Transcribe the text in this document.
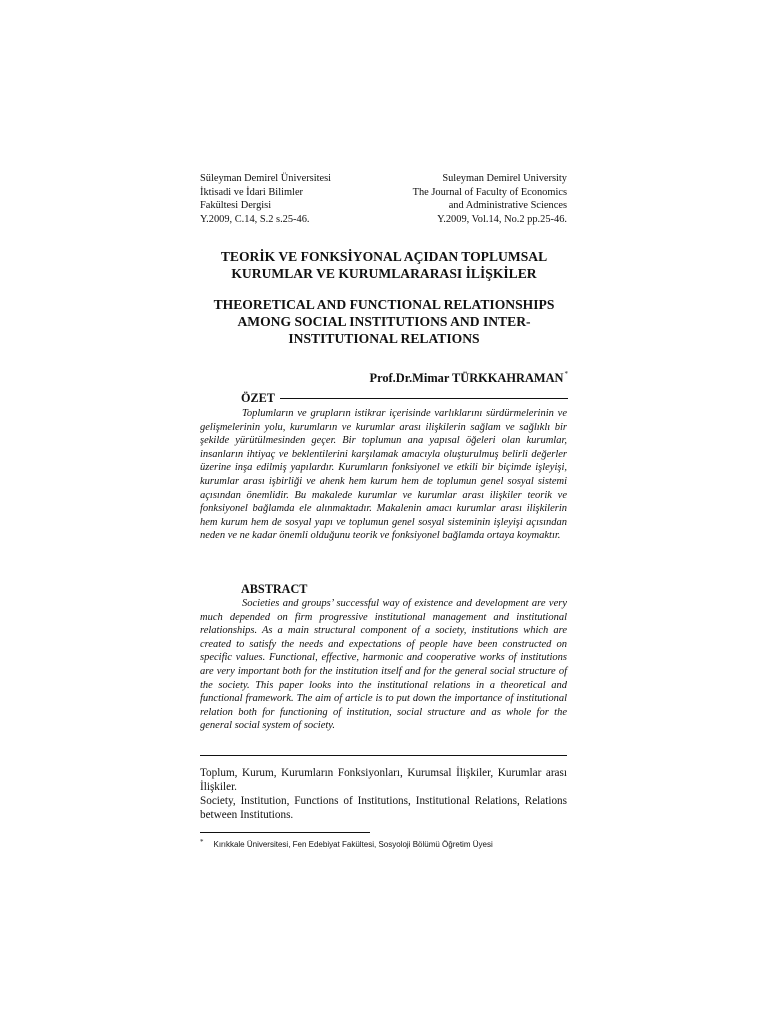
Süleyman Demirel Üniversitesi
İktisadi ve İdari Bilimler
Fakültesi Dergisi
Y.2009, C.14, S.2 s.25-46.
Suleyman Demirel University
The Journal of Faculty of Economics
and Administrative Sciences
Y.2009, Vol.14, No.2 pp.25-46.
TEORİK VE FONKSİYONAL AÇIDAN TOPLUMSAL
KURUMLAR VE KURUMLARARASI İLİŞKİLER
THEORETICAL AND FUNCTIONAL RELATIONSHIPS
AMONG SOCIAL INSTITUTIONS AND INTER-
INSTITUTIONAL RELATIONS
Prof.Dr.Mimar TÜRKKAHRAMAN*
ÖZET
Toplumların ve grupların istikrar içerisinde varlıklarını sürdürmelerinin ve gelişmelerinin yolu, kurumların ve kurumlar arası ilişkilerin sağlam ve sağlıklı bir şekilde yürütülmesinden geçer. Bir toplumun ana yapısal öğeleri olan kurumlar, insanların ihtiyaç ve beklentilerini karşılamak amacıyla oluşturulmuş belirli değerler üzerine inşa edilmiş yapılardır. Kurumların fonksiyonel ve etkili bir biçimde işleyişi, kurumlar arası işbirliği ve ahenk hem kurum hem de toplumun genel sosyal sistemi açısından önemlidir. Bu makalede kurumlar ve kurumlar arası ilişkiler teorik ve fonksiyonel bağlamda ele alınmaktadır. Makalenin amacı kurumlar arası ilişkilerin hem kurum hem de sosyal yapı ve toplumun genel sosyal sisteminin işleyişi açısından neden ve ne kadar önemli olduğunu teorik ve fonksiyonel bağlamda ortaya koymaktır.
ABSTRACT
Societies and groups’ successful way of existence and development are very much depended on firm progressive institutional management and institutional relationships. As a main structural component of a society, institutions which are created to satisfy the needs and expectations of people have been constructed on specific values. Functional, effective, harmonic and cooperative works of institutions are very important both for the institution itself and for the general social structure of the society. This paper looks into the institutional relations in a theoretical and functional framework. The aim of article is to put down the importance of institutional relation both for functioning of institution, social structure and as whole for the general social system of society.
Toplum, Kurum, Kurumların Fonksiyonları, Kurumsal İlişkiler, Kurumlar arası İlişkiler.
Society, Institution, Functions of Institutions, Institutional Relations, Relations between Institutions.
* Kırıkkale Üniversitesi, Fen Edebiyat Fakültesi, Sosyoloji Bölümü Öğretim Üyesi
